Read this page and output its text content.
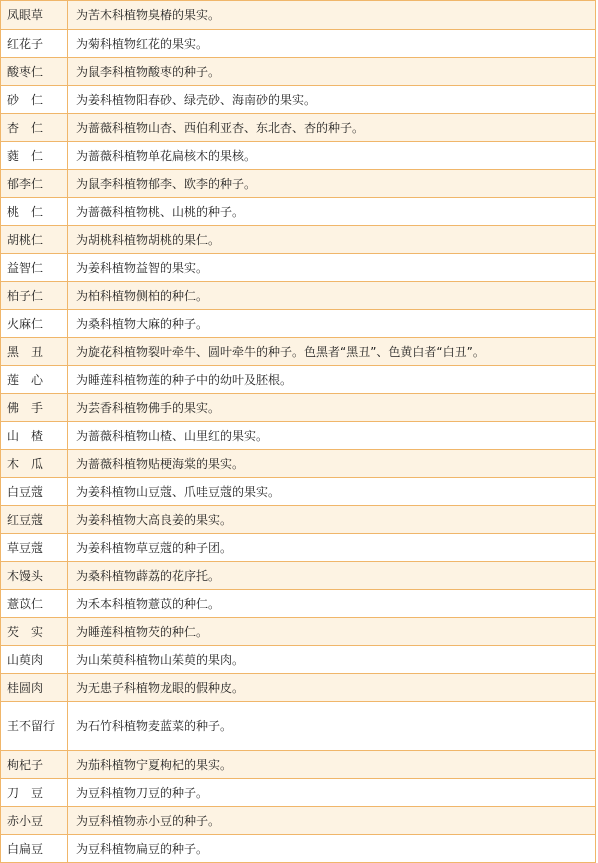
凤眼草	为苦木科植物臭椿的果实。
红花子	为菊科植物红花的果实。
酸枣仁	为鼠李科植物酸枣的种子。
砂　仁	为姜科植物阳春砂、绿壳砂、海南砂的果实。
杏　仁	为蔷薇科植物山杏、西伯利亚杏、东北杏、杏的种子。
蕤　仁	为蔷薇科植物单花扁核木的果核。
郁李仁	为鼠李科植物郁李、欧李的种子。
桃　仁	为蔷薇科植物桃、山桃的种子。
胡桃仁	为胡桃科植物胡桃的果仁。
益智仁	为姜科植物益智的果实。
柏子仁	为柏科植物侧柏的种仁。
火麻仁	为桑科植物大麻的种子。
黑　丑	为旋花科植物裂叶牵牛、圆叶牵牛的种子。色黑者“黑丑”、色黄白者“白丑”。
莲　心	为睡莲科植物莲的种子中的幼叶及胚根。
佛　手	为芸香科植物佛手的果实。
山　楂	为蔷薇科植物山楂、山里红的果实。
木　瓜	为蔷薇科植物贴梗海棠的果实。
白豆蔻	为姜科植物山豆蔻、爪哇豆蔻的果实。
红豆蔻	为姜科植物大高良姜的果实。
草豆蔻	为姜科植物草豆蔻的种子团。
木馒头	为桑科植物薜荔的花序托。
薏苡仁	为禾本科植物薏苡的种仁。
芡　实	为睡莲科植物芡的种仁。
山萸肉	为山茱萸科植物山茱萸的果肉。
桂圆肉	为无患子科植物龙眼的假种皮。
王不留行	为石竹科植物麦蓝菜的种子。
枸杞子	为茄科植物宁夏枸杞的果实。
刀　豆	为豆科植物刀豆的种子。
赤小豆	为豆科植物赤小豆的种子。
白扁豆	为豆科植物扁豆的种子。
